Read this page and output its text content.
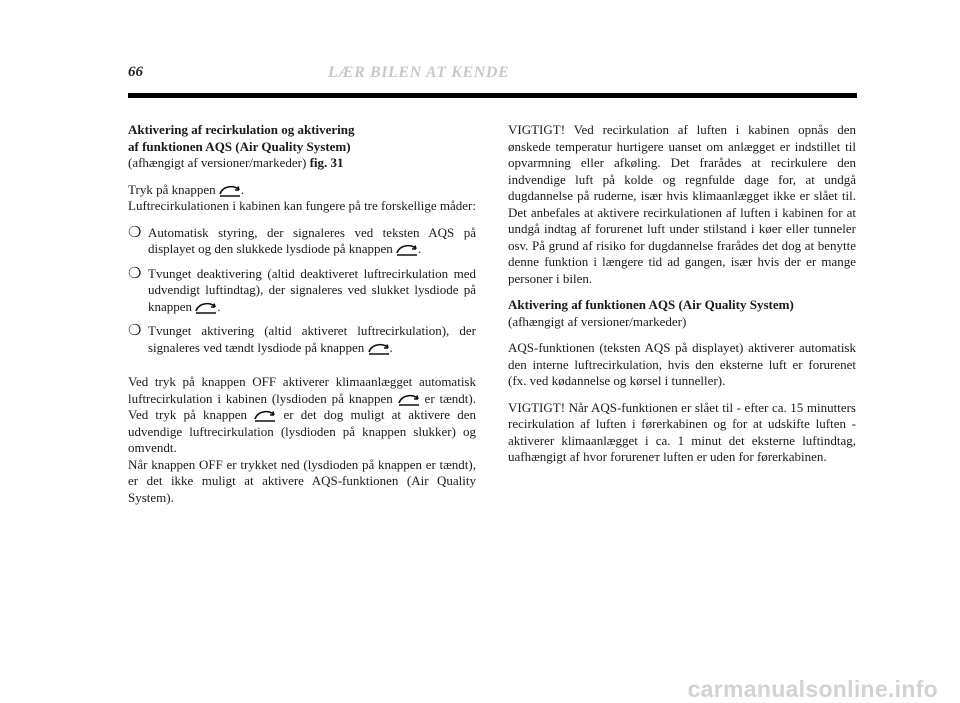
66	LÆR BILEN AT KENDE

Aktivering af recirkulation og aktivering
af funktionen AQS (Air Quality System)
(afhængigt af versioner/markeder) fig. 31

Tryk på knappen .

Luftrecirkulationen i kabinen kan fungere på tre forskellige måder:

❍ Automatisk styring, der signaleres ved teksten AQS på displayet og den slukkede lysdiode på knappen .
❍ Tvunget deaktivering (altid deaktiveret luftrecirkulation med udvendigt luftindtag), der signaleres ved slukket lysdiode på knappen .
❍ Tvunget aktivering (altid aktiveret luftrecirkulation), der signaleres ved tændt lysdiode på knappen .

Ved tryk på knappen OFF aktiverer klimaanlægget automatisk luftrecirkulation i kabinen (lysdioden på knappen er tændt). Ved tryk på knappen	er det dog muligt at aktivere den udvendige luftrecirkulation (lysdioden på knappen slukker) og omvendt.

Når knappen OFF er trykket ned (lysdioden på knappen er tændt), er det ikke muligt at aktivere AQS-funktionen (Air Quality System).

VIGTIGT! Ved recirkulation af luften i kabinen opnås den ønskede temperatur hurtigere uanset om anlægget er indstillet til opvarmning eller afkøling. Det frarådes at recirkulere den indvendige luft på kolde og regnfulde dage for, at undgå dugdannelse på ruderne, især hvis klimaanlægget ikke er slået til. Det anbefales at aktivere recirkulationen af luften i kabinen for at undgå indtag af forurenet luft under stilstand i køer eller tunneler osv. På grund af risiko for dugdannelse frarådes det dog at benytte denne funktion i længere tid ad gangen, især hvis der er mange personer i bilen.

Aktivering af funktionen AQS (Air Quality System)
(afhængigt af versioner/markeder)

AQS-funktionen (teksten AQS på displayet) aktiverer automatisk den interne luftrecirkulation, hvis den eksterne luft er forurenet (fx. ved kødannelse og kørsel i tunneller).

VIGTIGT! Når AQS-funktionen er slået til - efter ca. 15 minutters recirkulation af luften i førerkabinen og for at udskifte luften - aktiverer klimaanlægget i ca. 1 minut det eksterne luftindtag, uafhængigt af hvor forureneт luften er uden for førerkabinen.

carmanualsonline.info
